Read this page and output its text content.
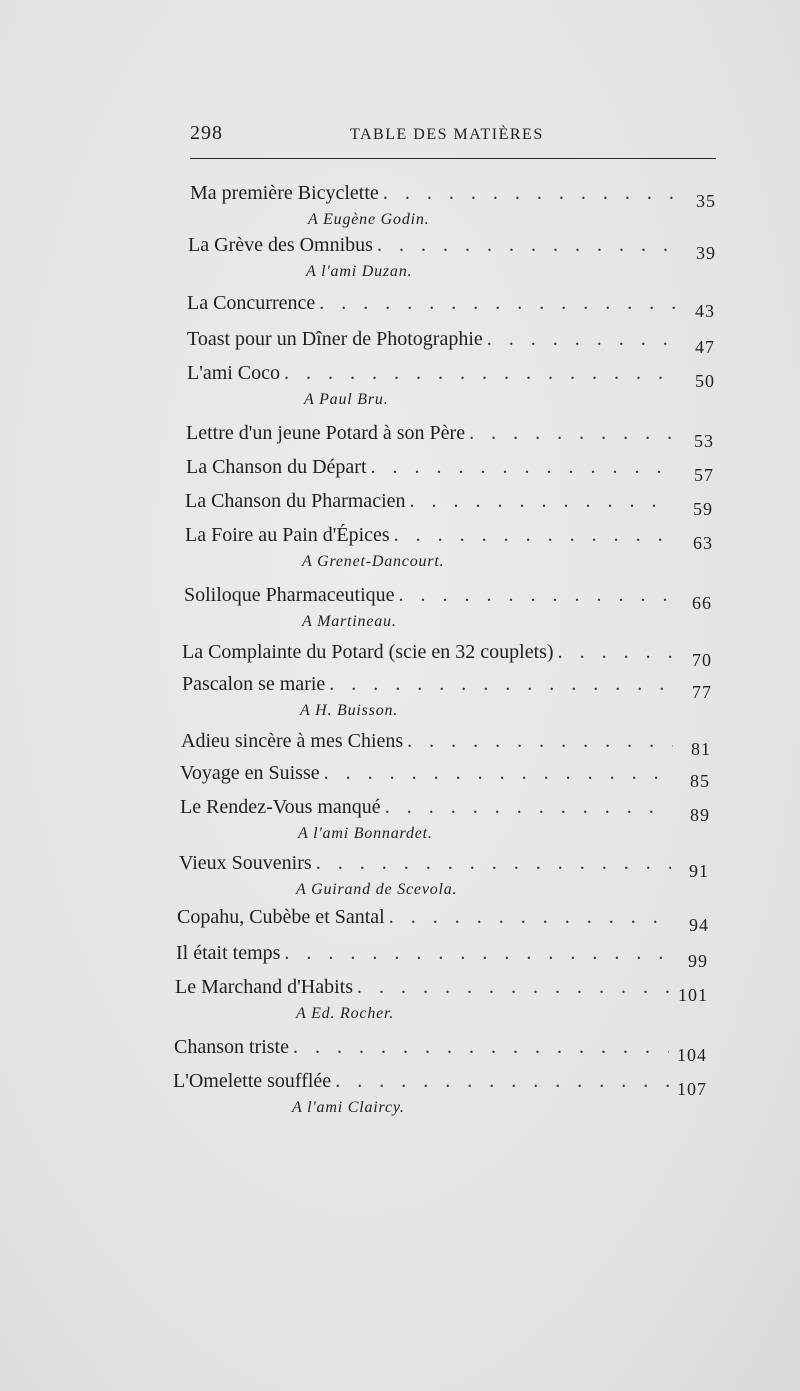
298	TABLE DES MATIÈRES
Ma première Bicyclette . . .	35
A Eugène Godin.
La Grève des Omnibus . . .	39
A l'ami Duzan.
La Concurrence . . .	43
Toast pour un Dîner de Photographie . . .	47
L'ami Coco . . .	50
A Paul Bru.
Lettre d'un jeune Potard à son Père . . .	53
La Chanson du Départ . . .	57
La Chanson du Pharmacien . . .	59
La Foire au Pain d'Épices . . .	63
A Grenet-Dancourt.
Soliloque Pharmaceutique . . .	66
A Martineau.
La Complainte du Potard (scie en 32 couplets) . . .	70
Pascalon se marie . . .	77
A H. Buisson.
Adieu sincère à mes Chiens . . .	81
Voyage en Suisse . . .	85
Le Rendez-Vous manqué . . .	89
A l'ami Bonnardet.
Vieux Souvenirs . . .	91
A Guirand de Scevola.
Copahu, Cubèbe et Santal . . .	94
Il était temps . . .	99
Le Marchand d'Habits . . .	101
A Ed. Rocher.
Chanson triste . . .	104
L'Omelette soufflée . . .	107
A l'ami Claircy.
